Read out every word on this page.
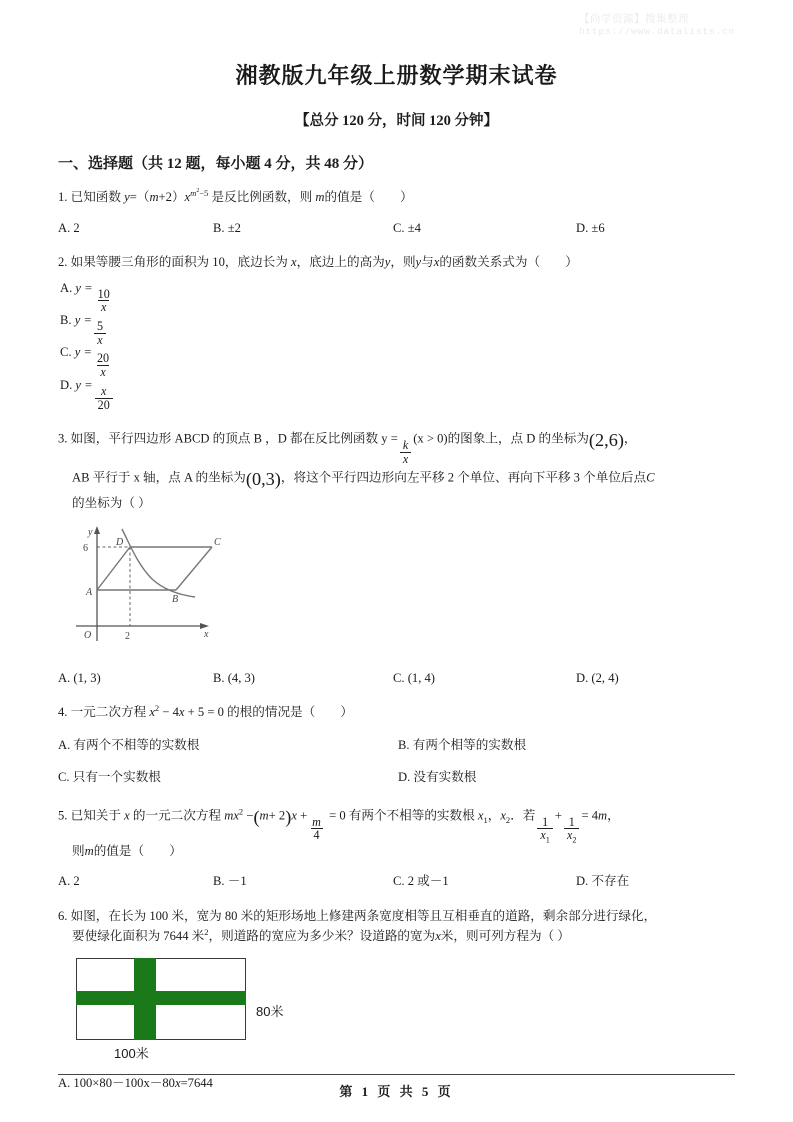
【尚学资源】搜集整理
https://www.datalists.cn
湘教版九年级上册数学期末试卷
【总分 120 分，时间 120 分钟】
一、选择题（共 12 题，每小题 4 分，共 48 分）

1. 已知函数 $y=(m+2)x^{m^2-5}$ 是反比例函数，则 m的值是（　　）

A. 2	B. ±2	C. ±4	D. ±6

2. 如果等腰三角形的面积为 10，底边长为 x，底边上的高为y，则y与x的函数关系式为（　　）

A. y =
$\frac{10}{x}$
B. y =
$\frac{5}{x}$
C. y =
$\frac{20}{x}$
D. y =
$\frac{x}{20}$

3. 如图，平行四边形 ABCD 的顶点 B ，D 都在反比例函数 y =
$\frac{k}{x}$
(x > 0)的图象上，点 D 的坐标为(2,6)，

AB 平行于 x 轴，点 A 的坐标为(0,3)，将这个平行四边形向左平移 2 个单位、再向下平移 3 个单位后点C

的坐标为（ ）

y
x
O
6
2
A
B
C
D
A. (1, 3)	B. (4, 3)	C. (1, 4)	D. (2, 4)

4. 一元二次方程 $x^2 - 4x + 5 = 0$ 的根的情况是（　　）

A. 有两个不相等的实数根	B. 有两个相等的实数根
C. 只有一个实数根	D. 没有实数根

5. 已知关于 x 的一元二次方程 $mx^2 -(m+ 2)x$ +
$\frac{m}{4}$
= 0 有两个不相等的实数根 $x_1$，$x_2$．若
$\frac{1}{x_1}$
+
$\frac{1}{x_2}$
= 4m，

则m的值是（　　）

A. 2	B. －1	C. 2 或－1	D. 不存在

6. 如图，在长为 100 米，宽为 80 米的矩形场地上修建两条宽度相等且互相垂直的道路，剩余部分进行绿化，

要使绿化面积为 7644 米$^2$，则道路的宽应为多少米？设道路的宽为x米，则可列方程为（ ）

80米
100米
A. 100×80－100x－80x=7644
第 1 页 共 5 页
